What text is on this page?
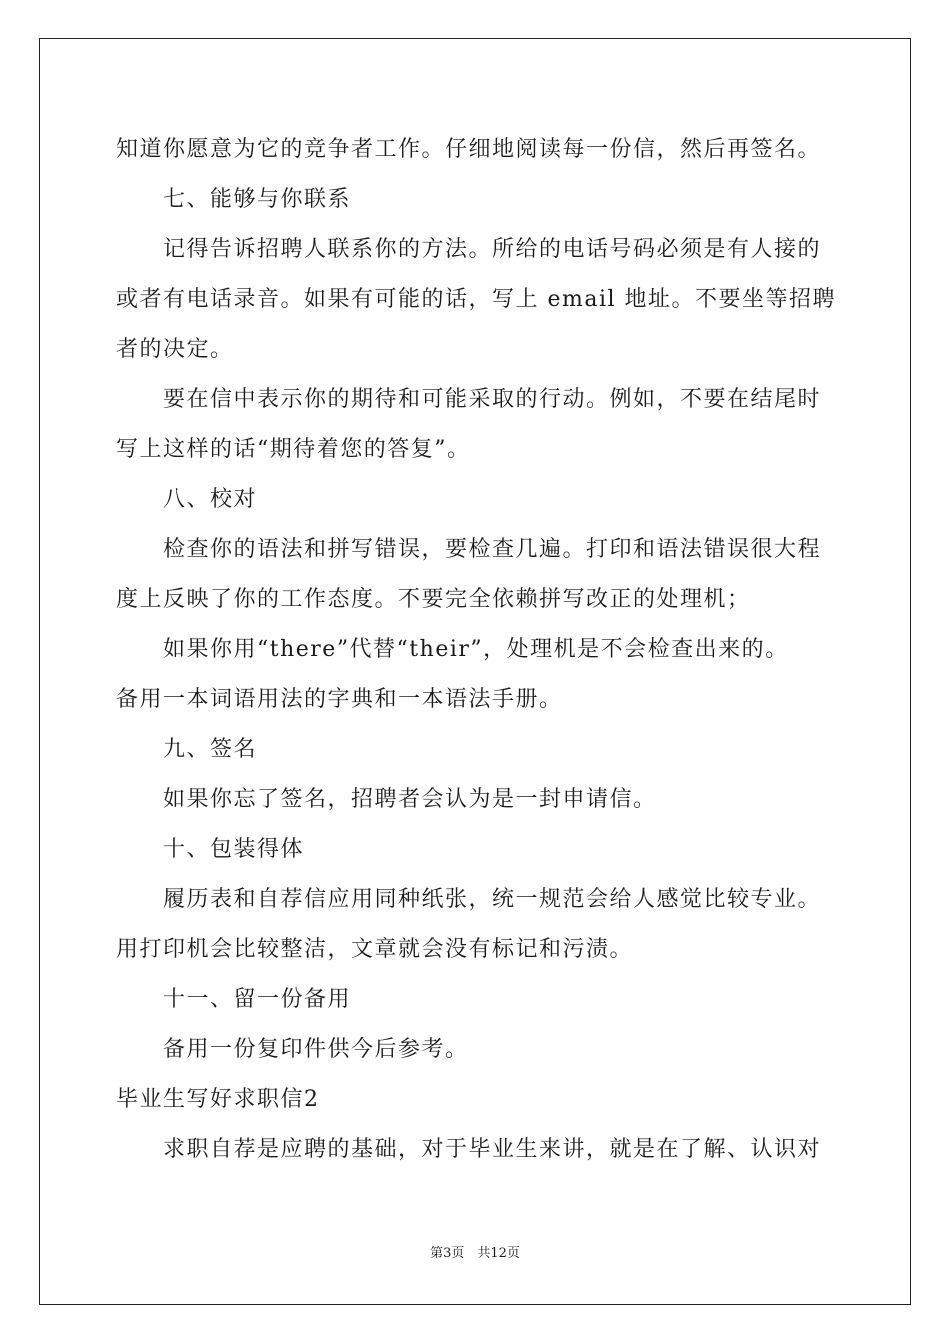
知道你愿意为它的竞争者工作。仔细地阅读每一份信，然后再签名。
七、能够与你联系
记得告诉招聘人联系你的方法。所给的电话号码必须是有人接的
或者有电话录音。如果有可能的话，写上 email 地址。不要坐等招聘
者的决定。
要在信中表示你的期待和可能采取的行动。例如，不要在结尾时
写上这样的话“期待着您的答复”。
八、校对
检查你的语法和拼写错误，要检查几遍。打印和语法错误很大程
度上反映了你的工作态度。不要完全依赖拼写改正的处理机；
如果你用“there”代替“their”，处理机是不会检查出来的。
备用一本词语用法的字典和一本语法手册。
九、签名
如果你忘了签名，招聘者会认为是一封申请信。
十、包装得体
履历表和自荐信应用同种纸张，统一规范会给人感觉比较专业。
用打印机会比较整洁，文章就会没有标记和污渍。
十一、留一份备用
备用一份复印件供今后参考。
毕业生写好求职信2
求职自荐是应聘的基础，对于毕业生来讲，就是在了解、认识对
第3页　共12页
